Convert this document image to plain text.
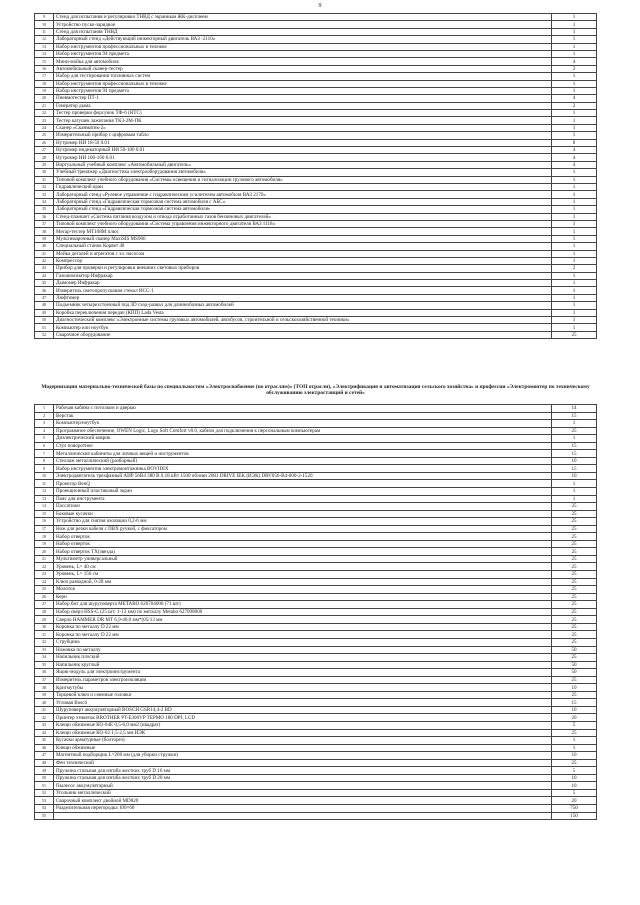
9
9	Стенд для испытания и регулировки ТНВД с экранным ЖК-дисплеем	1
10	Устройство пуско-зарядное	1
11	Стенд для испытания ТНВД	1
12	Лабораторный стенд «Действующий инжекторный двигатель ВАЗ -2110»	1
13	Набор инструментов профессиональных в тележке	1
14	Набор инструментов 94 предмета	1
15	Мини-мойка для автомобиля	4
16	Автомобильный сканер-тестер	2
17	Набор для тестирования топливных систем	1
18	Набор инструментов профессиональных в тележке	1
19	Набор инструментов 94 предмета	1
20	Пневмотестер ПТ-1	4
21	Генератор дыма	2
22	Тестер проверки форсунок ТФ-6 (НТС)	1
23	Тестер катушек зажигания ТКЗ-2М-ПК	1
24	Сканер «Сканматик-2»	1
25	Измерительный прибор с цифровым табло	1
26	Нутромер НИ 18-50 0.01	8
27	Нутромер индикаторный НИ 50-100 0.01	4
28	Нутромер НИ 100-160 0.01	4
29	Виртуальный учебный комплекс «Автомобильный двигатель»	4
30	Учебный тренажер «Диагностика электрооборудования автомобиля»	1
31	Типовой комплект учебного оборудования «Системы освещения и сигнализации грузового автомобиля»	1
32	Гидравлический кран	1
33	Лабораторный стенд «Рулевое управление с гидравлическим усилителем автомобиля ВАЗ 2170»	1
34	Лабораторный стенд «Гидравлическая тормозная система автомобиля с АБС»	1
35	Лабораторный стенд «Гидравлическая тормозная система автомобиля»	1
36	Стенд-планшет «Система питания воздухом и отвода отработанных газов бензиновых двигателей»	1
37	Типовой комплект учебного оборудования «Система управления инжекторного двигателя ВАЗ 1118»	1
38	Мегар-тестер МТ108М плюс	1
39	Мультимарочный сканер MaxiSIS MS906	1
40	Специальный станок Корвет 48	1
41	Мойка деталей и агрегатов с эл. насосом	1
42	Компрессор	1
43	Прибор для проверки и регулировки внешних световых приборов	2
44	Газоанализатор Инфракар	1
45	Дымомер Инфракар	1
46	Измеритель светопропускания стекол ИСС-1	1
47	Люфтомер	1
48	Подъемник четырехстоечный под 3D сход-развал для длиннобазных автомобилей	1
49	Коробка переключения передач (КПП) Lada Vesta	1
50	Диагностический комплекс «Электронные системы грузовых автомобилей, автобусов, строительной и сельскохозяйственной техники»	1
51	Компьютер или ноутбук	1
52	Сварочное оборудование	25
Модернизация материально-технической базы по специальностям «Электроснабжение (по отраслям)» (ТОП отрасли), «Электрификация и автоматизация сельского хозяйства» и профессии «Электромонтер по техническому обслуживанию электростанций и сетей»
1	Рабочая кабина с потолком и дверью	14
2	Верстак	15
3	Компьютер/ноутбук	1
4	Программное обеспечение, OWEN Logic, Logo Soft Comfort v8.0, кабели для подключения к персональным компьютерам	25
5	Диэлектрический коврик	1
6	Стул поворотное	15
7	Металлические кабинеты для личных вещей и инструментов	15
8	Стеллаж металлический (разборный)	10
9	Набор инструментов электромонтажника BOVIDIX	15
10	Электродвигатель трехфазный АИР 56В4 380 В 0.18 кВт 1500 об/мин 2081 DRIVE IEK (ИЭК) DRV056-В4-000-2-1520	10
11	Проектор BenQ	1
12	Проекционный пластиковый экран	1
13	Пояс для инструмента	1
14	Пассатижи	25
15	Боковые кусачки	25
16	Устройство для снятия изоляции 0,2-6 мм	25
17	Нож для резки кабеля с ПВХ ручкой, с фиксатором	25
18	Набор отверток	25
19	Набор отверток	25
20	Набор отверток TX(звезда)	25
21	Мультиметр универсальный	25
22	Уровень, L= 40 см	25
23	Уровень, L= 150 см	25
24	Ключ разводной, 0-28 мм	25
25	Молоток	25
26	Керн	25
27	Набор бит для шуруповерта METABO 626704000 (71 шт)	25
28	Набор сверл HSS-G (25 шт; 1-13 мм) по металлу Metabo 627098000	25
29	Сверло HAMMER DR MT 6,9-40,0 мм*(05/13 мм	25
30	Коронка по металлу D 22 мм	25
31	Коронка по металлу D 22 мм	25
32	Струбцина	25
33	Ножовка по металлу	50
34	Напильник плоский	25
35	Напильник круглый	50
36	Ящик-модуль для электроинструмента	50
37	Измеритель параметров электроизоляции	25
38	Кригмутубы	10
39	Торцевой ключ и сменные головки	25
40	Угловая Bosch	15
41	Шуруповерт аккумуляторный BOSCH GSR14,4-2 BD	10
42	Принтер этикеток BROTHER PT-E300VP TEPMO 180 DPI, LCD	20
43	Клещи обжимные КО-04Е 0,5-6,0 мм2 (квадрат)	5
44	Клещи обжимные КО-02 1,5-2,5 мм ИЭК	25
45	Кусачки арматурные (болторез)	1
46	Клещи обжимные	1
47	Магнитный подборщик L=200 мм (для уборки стружки)	10
48	Фен технический	25
49	Пружина стальная для изгиба жестких труб D 16 мм	5
50	Пружина стальная для изгиба жестких труб D 20 мм	10
51	Пылесос аккумуляторный	10
52	Угольник металлический	5
53	Сварочный комплект двойной MD820	20
54	Разделительная перегородка 100×60	750
55		150
